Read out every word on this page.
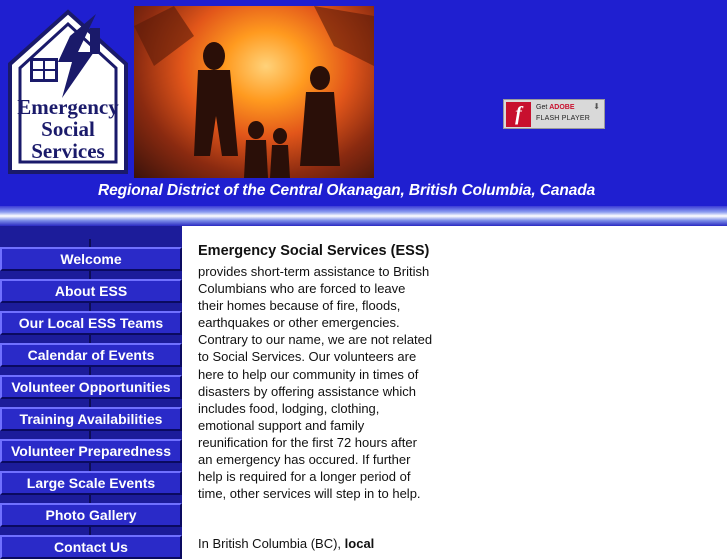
Emergency
Social
Services
f	Get ADOBE
FLASH PLAYER
⬇
Regional District of the Central Okanagan, British Columbia, Canada
Welcome
About ESS
Our Local ESS Teams
Calendar of Events
Volunteer Opportunities
Training Availabilities
Volunteer Preparedness
Large Scale Events
Photo Gallery
Contact Us
Emergency Social Services (ESS)
provides short-term assistance to British Columbians who are forced to leave their homes because of fire, floods, earthquakes or other emergencies. Contrary to our name, we are not related to Social Services. Our volunteers are here to help our community in times of disasters by offering assistance which includes food, lodging, clothing, emotional support and family reunification for the first 72 hours after an emergency has occured. If further help is required for a longer period of time, other services will step in to help.
In British Columbia (BC), local
